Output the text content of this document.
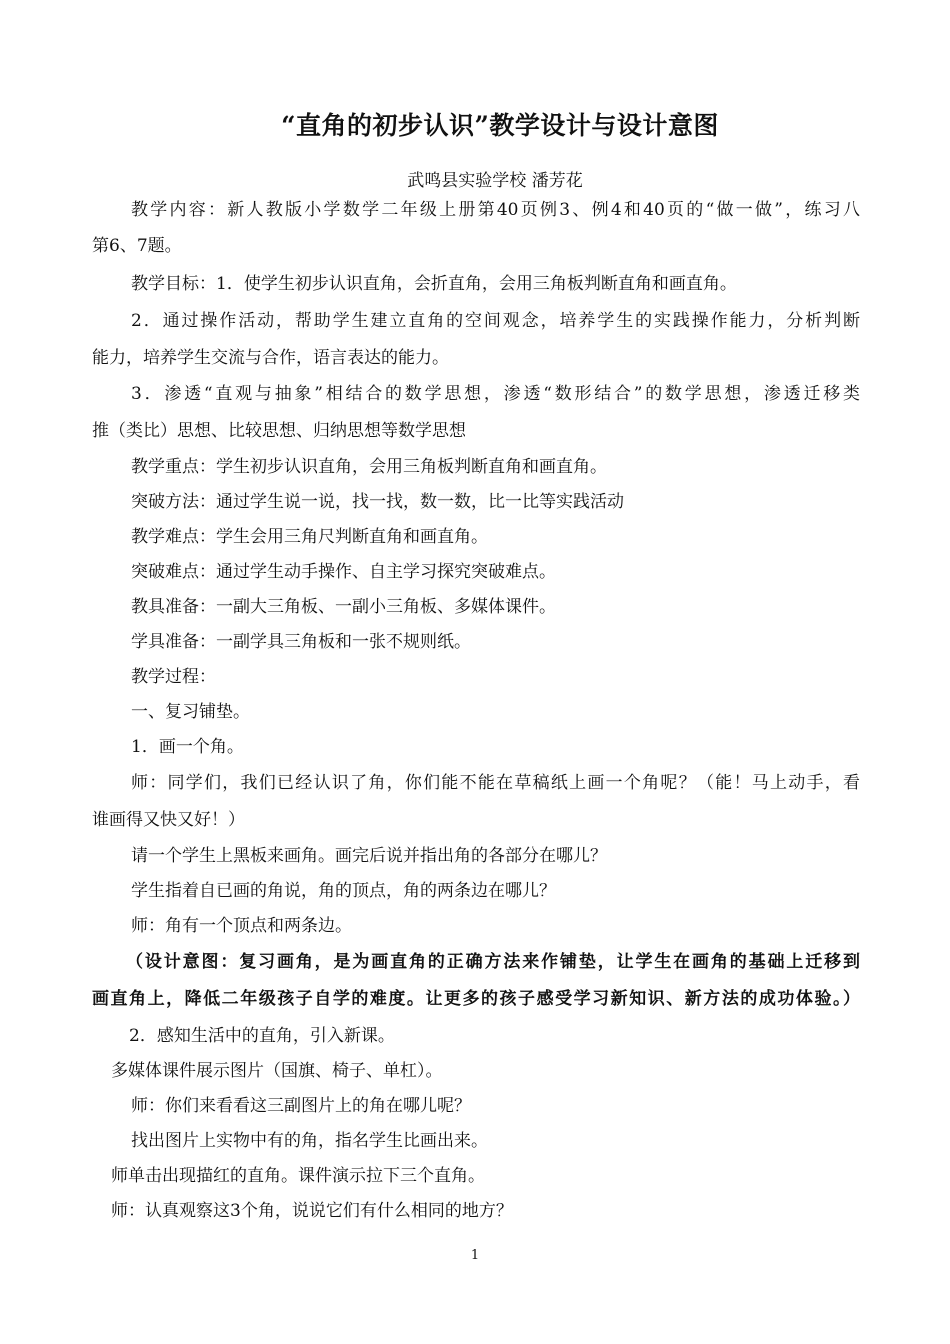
“直角的初步认识”教学设计与设计意图
武鸣县实验学校 潘芳花
教学内容：新人教版小学数学二年级上册第40页例3、例4和40页的“做一做”，练习八
第6、7题。
教学目标：1．使学生初步认识直角，会折直角，会用三角板判断直角和画直角。
2．通过操作活动，帮助学生建立直角的空间观念，培养学生的实践操作能力，分析判断
能力，培养学生交流与合作，语言表达的能力。
3．渗透“直观与抽象”相结合的数学思想，渗透“数形结合”的数学思想，渗透迁移类
推（类比）思想、比较思想、归纳思想等数学思想
教学重点：学生初步认识直角，会用三角板判断直角和画直角。
突破方法：通过学生说一说，找一找，数一数，比一比等实践活动
教学难点：学生会用三角尺判断直角和画直角。
突破难点：通过学生动手操作、自主学习探究突破难点。
教具准备：一副大三角板、一副小三角板、多媒体课件。
学具准备：一副学具三角板和一张不规则纸。
教学过程：
一、复习铺垫。
1．画一个角。
师：同学们，我们已经认识了角，你们能不能在草稿纸上画一个角呢？（能！马上动手，看
谁画得又快又好！）
请一个学生上黑板来画角。画完后说并指出角的各部分在哪儿？
学生指着自已画的角说，角的顶点，角的两条边在哪儿？
师：角有一个顶点和两条边。
（设计意图：复习画角，是为画直角的正确方法来作铺垫，让学生在画角的基础上迁移到
画直角上，降低二年级孩子自学的难度。让更多的孩子感受学习新知识、新方法的成功体验。）
2．感知生活中的直角，引入新课。
多媒体课件展示图片（国旗、椅子、单杠）。
师：你们来看看这三副图片上的角在哪儿呢？
找出图片上实物中有的角，指名学生比画出来。
师单击出现描红的直角。课件演示拉下三个直角。
师：认真观察这3个角，说说它们有什么相同的地方？
1
